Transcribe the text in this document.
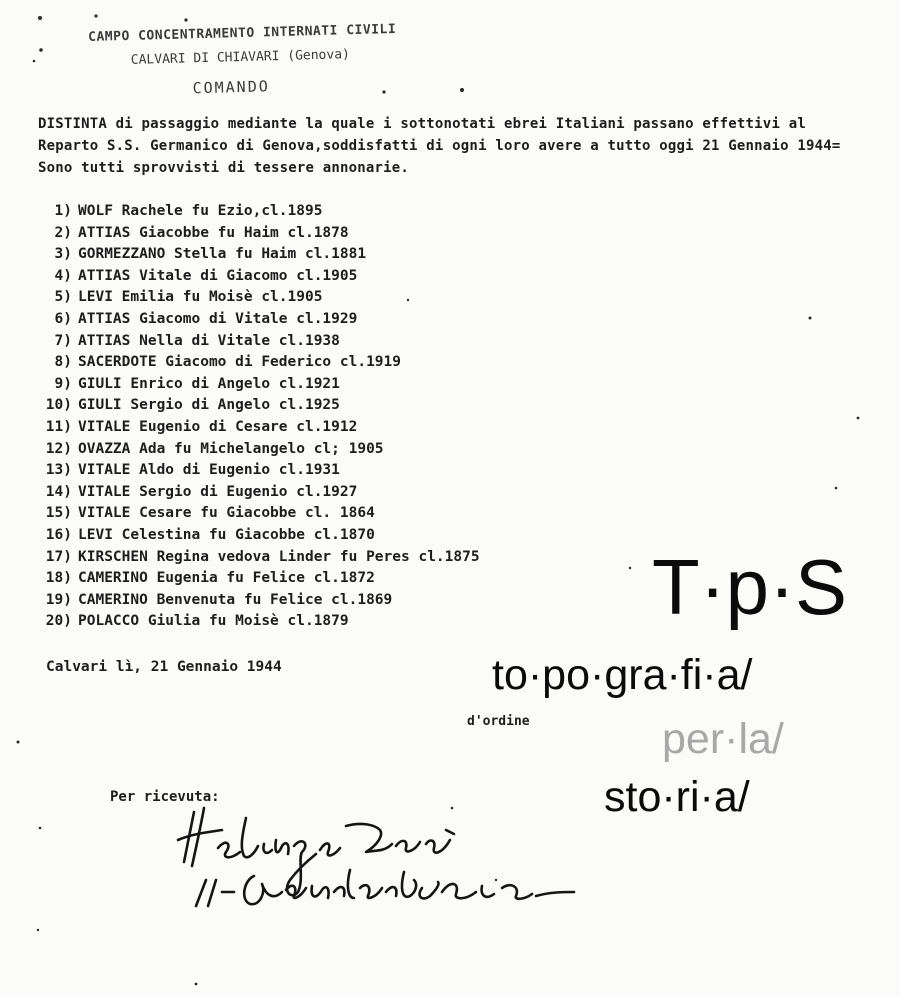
CAMPO CONCENTRAMENTO INTERNATI CIVILI
CALVARI DI CHIAVARI (Genova)
COMANDO

DISTINTA di passaggio mediante la quale i sottonotati ebrei Italiani passano effettivi al Reparto S.S. Germanico di Genova,soddisfatti di ogni loro avere a tutto oggi 21 Gennaio 1944= Sono tutti sprovvisti di tessere annonarie.

1) WOLF Rachele fu Ezio,cl.1895
2) ATTIAS Giacobbe fu Haim cl.1878
3) GORMEZZANO Stella fu Haim cl.1881
4) ATTIAS Vitale di Giacomo cl.1905
5) LEVI Emilia fu Moisè cl.1905
6) ATTIAS Giacomo di Vitale cl.1929
7) ATTIAS Nella di Vitale cl.1938
8) SACERDOTE Giacomo di Federico cl.1919
9) GIULI Enrico di Angelo cl.1921
10) GIULI Sergio di Angelo cl.1925
11) VITALE Eugenio di Cesare cl.1912
12) OVAZZA Ada fu Michelangelo cl; 1905
13) VITALE Aldo di Eugenio cl.1931
14) VITALE Sergio di Eugenio cl.1927
15) VITALE Cesare fu Giacobbe cl. 1864
16) LEVI Celestina fu Giacobbe cl.1870
17) KIRSCHEN Regina vedova Linder fu Peres cl.1875
18) CAMERINO Eugenia fu Felice cl.1872
19) CAMERINO Benvenuta fu Felice cl.1869
20) POLACCO Giulia fu Moisè cl.1879
Calvari lì, 21 Gennaio 1944
d'ordine
Per ricevuta:
T·p·S
to·po·gra·fi·a/
per·la/
sto·ri·a/
